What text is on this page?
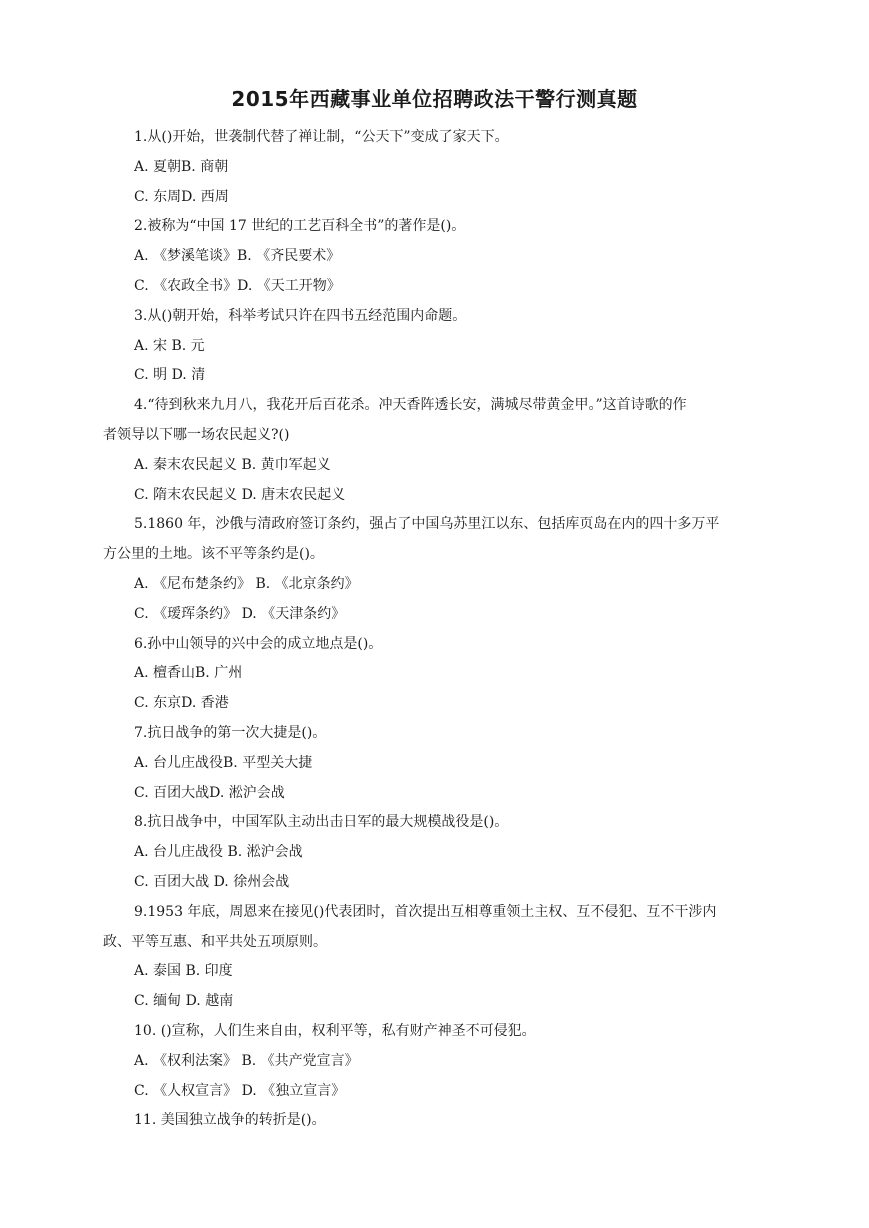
2015年西藏事业单位招聘政法干警行测真题
1.从()开始，世袭制代替了禅让制，“公天下”变成了家天下。
A. 夏朝B. 商朝
C. 东周D. 西周
2.被称为“中国 17 世纪的工艺百科全书”的著作是()。
A. 《梦溪笔谈》B. 《齐民要术》
C. 《农政全书》D. 《天工开物》
3.从()朝开始，科举考试只许在四书五经范围内命题。
A. 宋 B. 元
C. 明 D. 清
4.“待到秋来九月八，我花开后百花杀。冲天香阵透长安，满城尽带黄金甲。”这首诗歌的作
者领导以下哪一场农民起义?()
A. 秦末农民起义 B. 黄巾军起义
C. 隋末农民起义 D. 唐末农民起义
5.1860 年，沙俄与清政府签订条约，强占了中国乌苏里江以东、包括库页岛在内的四十多万平
方公里的土地。该不平等条约是()。
A. 《尼布楚条约》 B. 《北京条约》
C. 《瑷珲条约》 D. 《天津条约》
6.孙中山领导的兴中会的成立地点是()。
A. 檀香山B. 广州
C. 东京D. 香港
7.抗日战争的第一次大捷是()。
A. 台儿庄战役B. 平型关大捷
C. 百团大战D. 淞沪会战
8.抗日战争中，中国军队主动出击日军的最大规模战役是()。
A. 台儿庄战役 B. 淞沪会战
C. 百团大战 D. 徐州会战
9.1953 年底，周恩来在接见()代表团时，首次提出互相尊重领土主权、互不侵犯、互不干涉内
政、平等互惠、和平共处五项原则。
A. 泰国 B. 印度
C. 缅甸 D. 越南
10. ()宣称，人们生来自由，权利平等，私有财产神圣不可侵犯。
A. 《权利法案》 B. 《共产党宣言》
C. 《人权宣言》 D. 《独立宣言》
11. 美国独立战争的转折是()。
